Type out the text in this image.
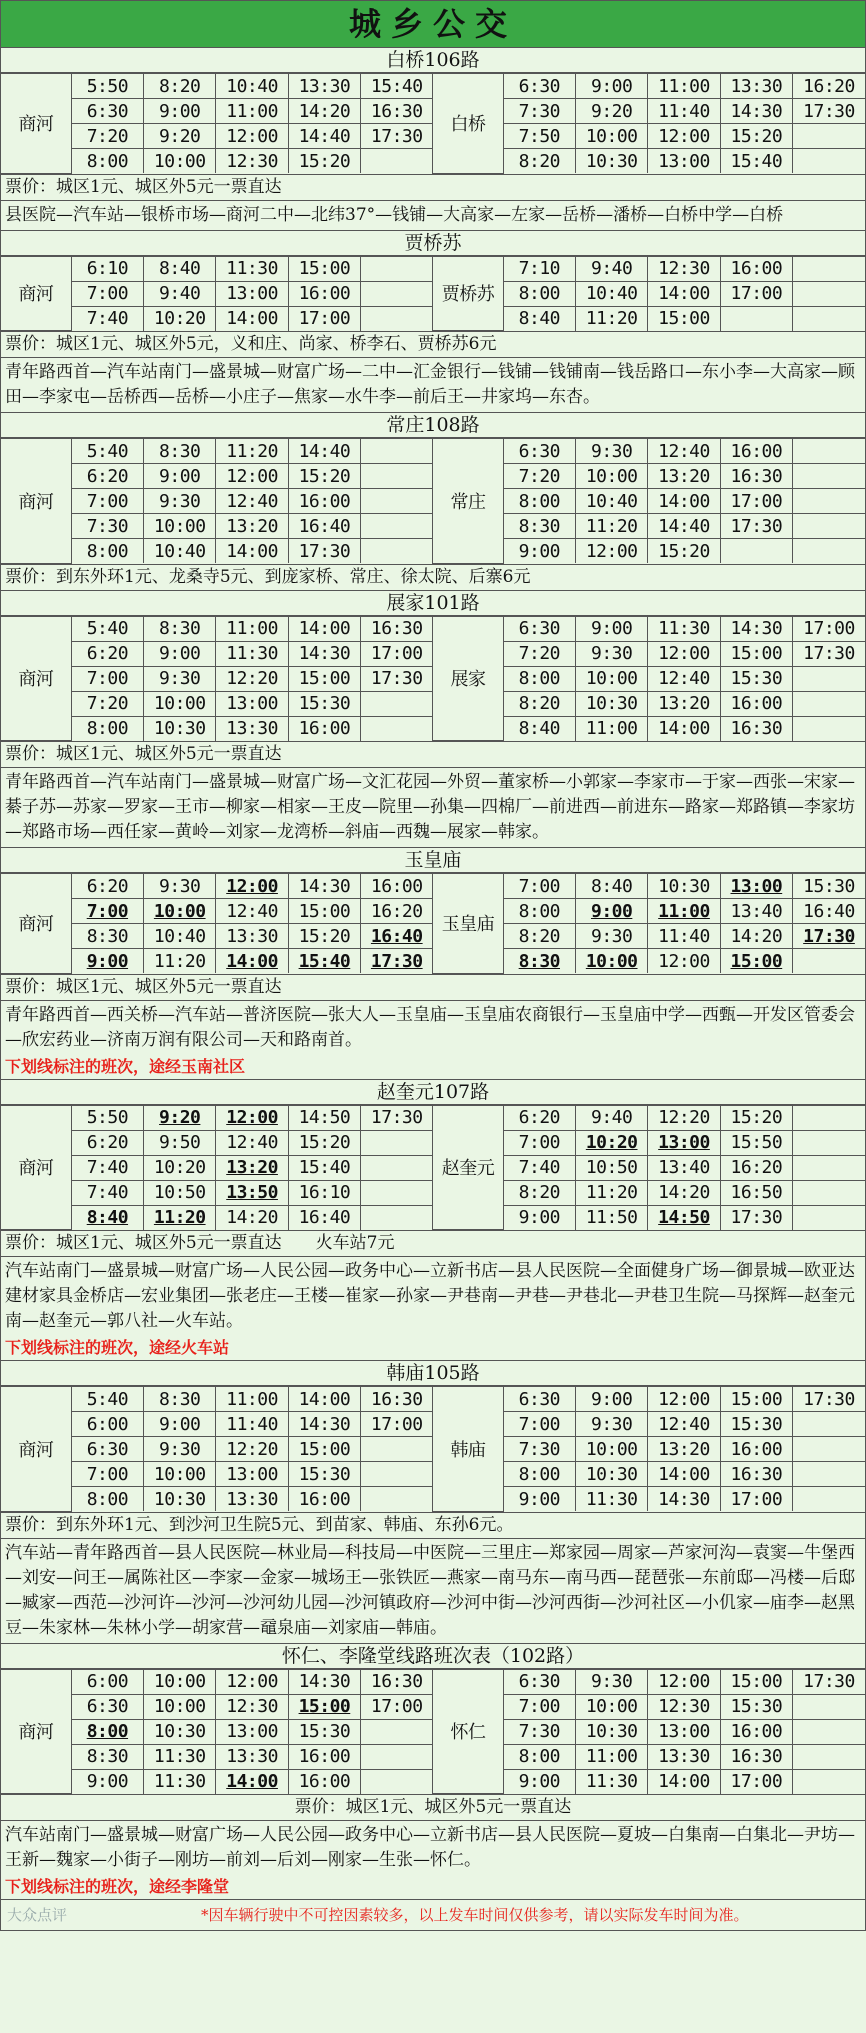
城乡公交
白桥106路
商河	5:50	8:20	10:40	13:30	15:40	白桥	6:30	9:00	11:00	13:30	16:20
	6:30	9:00	11:00	14:20	16:30		7:30	9:20	11:40	14:30	17:30
	7:20	9:20	12:00	14:40	17:30		7:50	10:00	12:00	15:20	
	8:00	10:00	12:30	15:20			8:20	10:30	13:00	15:40	
票价：城区1元、城区外5元一票直达
县医院—汽车站—银桥市场—商河二中—北纬37°—钱铺—大高家—左家—岳桥—潘桥—白桥中学—白桥
贾桥苏
商河	6:10	8:40	11:30	15:00		贾桥苏	7:10	9:40	12:30	16:00	
	7:00	9:40	13:00	16:00			8:00	10:40	14:00	17:00	
	7:40	10:20	14:00	17:00			8:40	11:20	15:00		
票价：城区1元、城区外5元，义和庄、尚家、桥李石、贾桥苏6元
青年路西首—汽车站南门—盛景城—财富广场—二中—汇金银行—钱铺—钱铺南—钱岳路口—东小李—大高家—顾田—李家屯—岳桥西—岳桥—小庄子—焦家—水牛李—前后王—井家坞—东杏。
常庄108路
商河	5:40	8:30	11:20	14:40		常庄	6:30	9:30	12:40	16:00	
	6:20	9:00	12:00	15:20			7:20	10:00	13:20	16:30	
	7:00	9:30	12:40	16:00			8:00	10:40	14:00	17:00	
	7:30	10:00	13:20	16:40			8:30	11:20	14:40	17:30	
	8:00	10:40	14:00	17:30			9:00	12:00	15:20		
票价：到东外环1元、龙桑寺5元、到庞家桥、常庄、徐太院、后寨6元
展家101路
商河	5:40	8:30	11:00	14:00	16:30	展家	6:30	9:00	11:30	14:30	17:00
	6:20	9:00	11:30	14:30	17:00		7:20	9:30	12:00	15:00	17:30
	7:00	9:30	12:20	15:00	17:30		8:00	10:00	12:40	15:30	
	7:20	10:00	13:00	15:30			8:20	10:30	13:20	16:00	
	8:00	10:30	13:30	16:00			8:40	11:00	14:00	16:30	
票价：城区1元、城区外5元一票直达
青年路西首—汽车站南门—盛景城—财富广场—文汇花园—外贸—董家桥—小郭家—李家市—于家—西张—宋家—綦子苏—苏家—罗家—王市—柳家—相家—王皮—院里—孙集—四棉厂—前进西—前进东—路家—郑路镇—李家坊—郑路市场—西任家—黄岭—刘家—龙湾桥—斜庙—西魏—展家—韩家。
玉皇庙
商河	6:20	9:30	12:00	14:30	16:00	玉皇庙	7:00	8:40	10:30	13:00	15:30
	7:00	10:00	12:40	15:00	16:20		8:00	9:00	11:00	13:40	16:40
	8:30	10:40	13:30	15:20	16:40		8:20	9:30	11:40	14:20	17:30
	9:00	11:20	14:00	15:40	17:30		8:30	10:00	12:00	15:00	
票价：城区1元、城区外5元一票直达
青年路西首—西关桥—汽车站—普济医院—张大人—玉皇庙—玉皇庙农商银行—玉皇庙中学—西甄—开发区管委会—欣宏药业—济南万润有限公司—天和路南首。
下划线标注的班次，途经玉南社区
赵奎元107路
商河	5:50	9:20	12:00	14:50	17:30	赵奎元	6:20	9:40	12:20	15:20	
	6:20	9:50	12:40	15:20			7:00	10:20	13:00	15:50	
	7:40	10:20	13:20	15:40			7:40	10:50	13:40	16:20	
	7:40	10:50	13:50	16:10			8:20	11:20	14:20	16:50	
	8:40	11:20	14:20	16:40			9:00	11:50	14:50	17:30	
票价：城区1元、城区外5元一票直达　　火车站7元
汽车站南门—盛景城—财富广场—人民公园—政务中心—立新书店—县人民医院—全面健身广场—御景城—欧亚达建材家具金桥店—宏业集团—张老庄—王楼—崔家—孙家—尹巷南—尹巷—尹巷北—尹巷卫生院—马探辉—赵奎元南—赵奎元—郭八社—火车站。
下划线标注的班次，途经火车站
韩庙105路
商河	5:40	8:30	11:00	14:00	16:30	韩庙	6:30	9:00	12:00	15:00	17:30
	6:00	9:00	11:40	14:30	17:00		7:00	9:30	12:40	15:30	
	6:30	9:30	12:20	15:00			7:30	10:00	13:20	16:00	
	7:00	10:00	13:00	15:30			8:00	10:30	14:00	16:30	
	8:00	10:30	13:30	16:00			9:00	11:30	14:30	17:00	
票价：到东外环1元、到沙河卫生院5元、到苗家、韩庙、东孙6元。
汽车站—青年路西首—县人民医院—林业局—科技局—中医院—三里庄—郑家园—周家—芦家河沟—袁窦—牛堡西—刘安—问王—属陈社区—李家—金家—城场王—张铁匠—燕家—南马东—南马西—琵琶张—东前邸—冯楼—后邸—臧家—西范—沙河许—沙河—沙河幼儿园—沙河镇政府—沙河中街—沙河西街—沙河社区—小仉家—庙李—赵黑豆—朱家林—朱林小学—胡家营—黿泉庙—刘家庙—韩庙。
怀仁、李隆堂线路班次表（102路）
商河	6:00	10:00	12:00	14:30	16:30	怀仁	6:30	9:30	12:00	15:00	17:30
	6:30	10:00	12:30	15:00	17:00		7:00	10:00	12:30	15:30	
	8:00	10:30	13:00	15:30			7:30	10:30	13:00	16:00	
	8:30	11:30	13:30	16:00			8:00	11:00	13:30	16:30	
	9:00	11:30	14:00	16:00			9:00	11:30	14:00	17:00	
票价：城区1元、城区外5元一票直达
汽车站南门—盛景城—财富广场—人民公园—政务中心—立新书店—县人民医院—夏坡—白集南—白集北—尹坊—王新—魏家—小街子—刚坊—前刘—后刘—刚家—生张—怀仁。
下划线标注的班次，途经李隆堂
大众点评	*因车辆行驶中不可控因素较多，以上发车时间仅供参考，请以实际发车时间为准。
